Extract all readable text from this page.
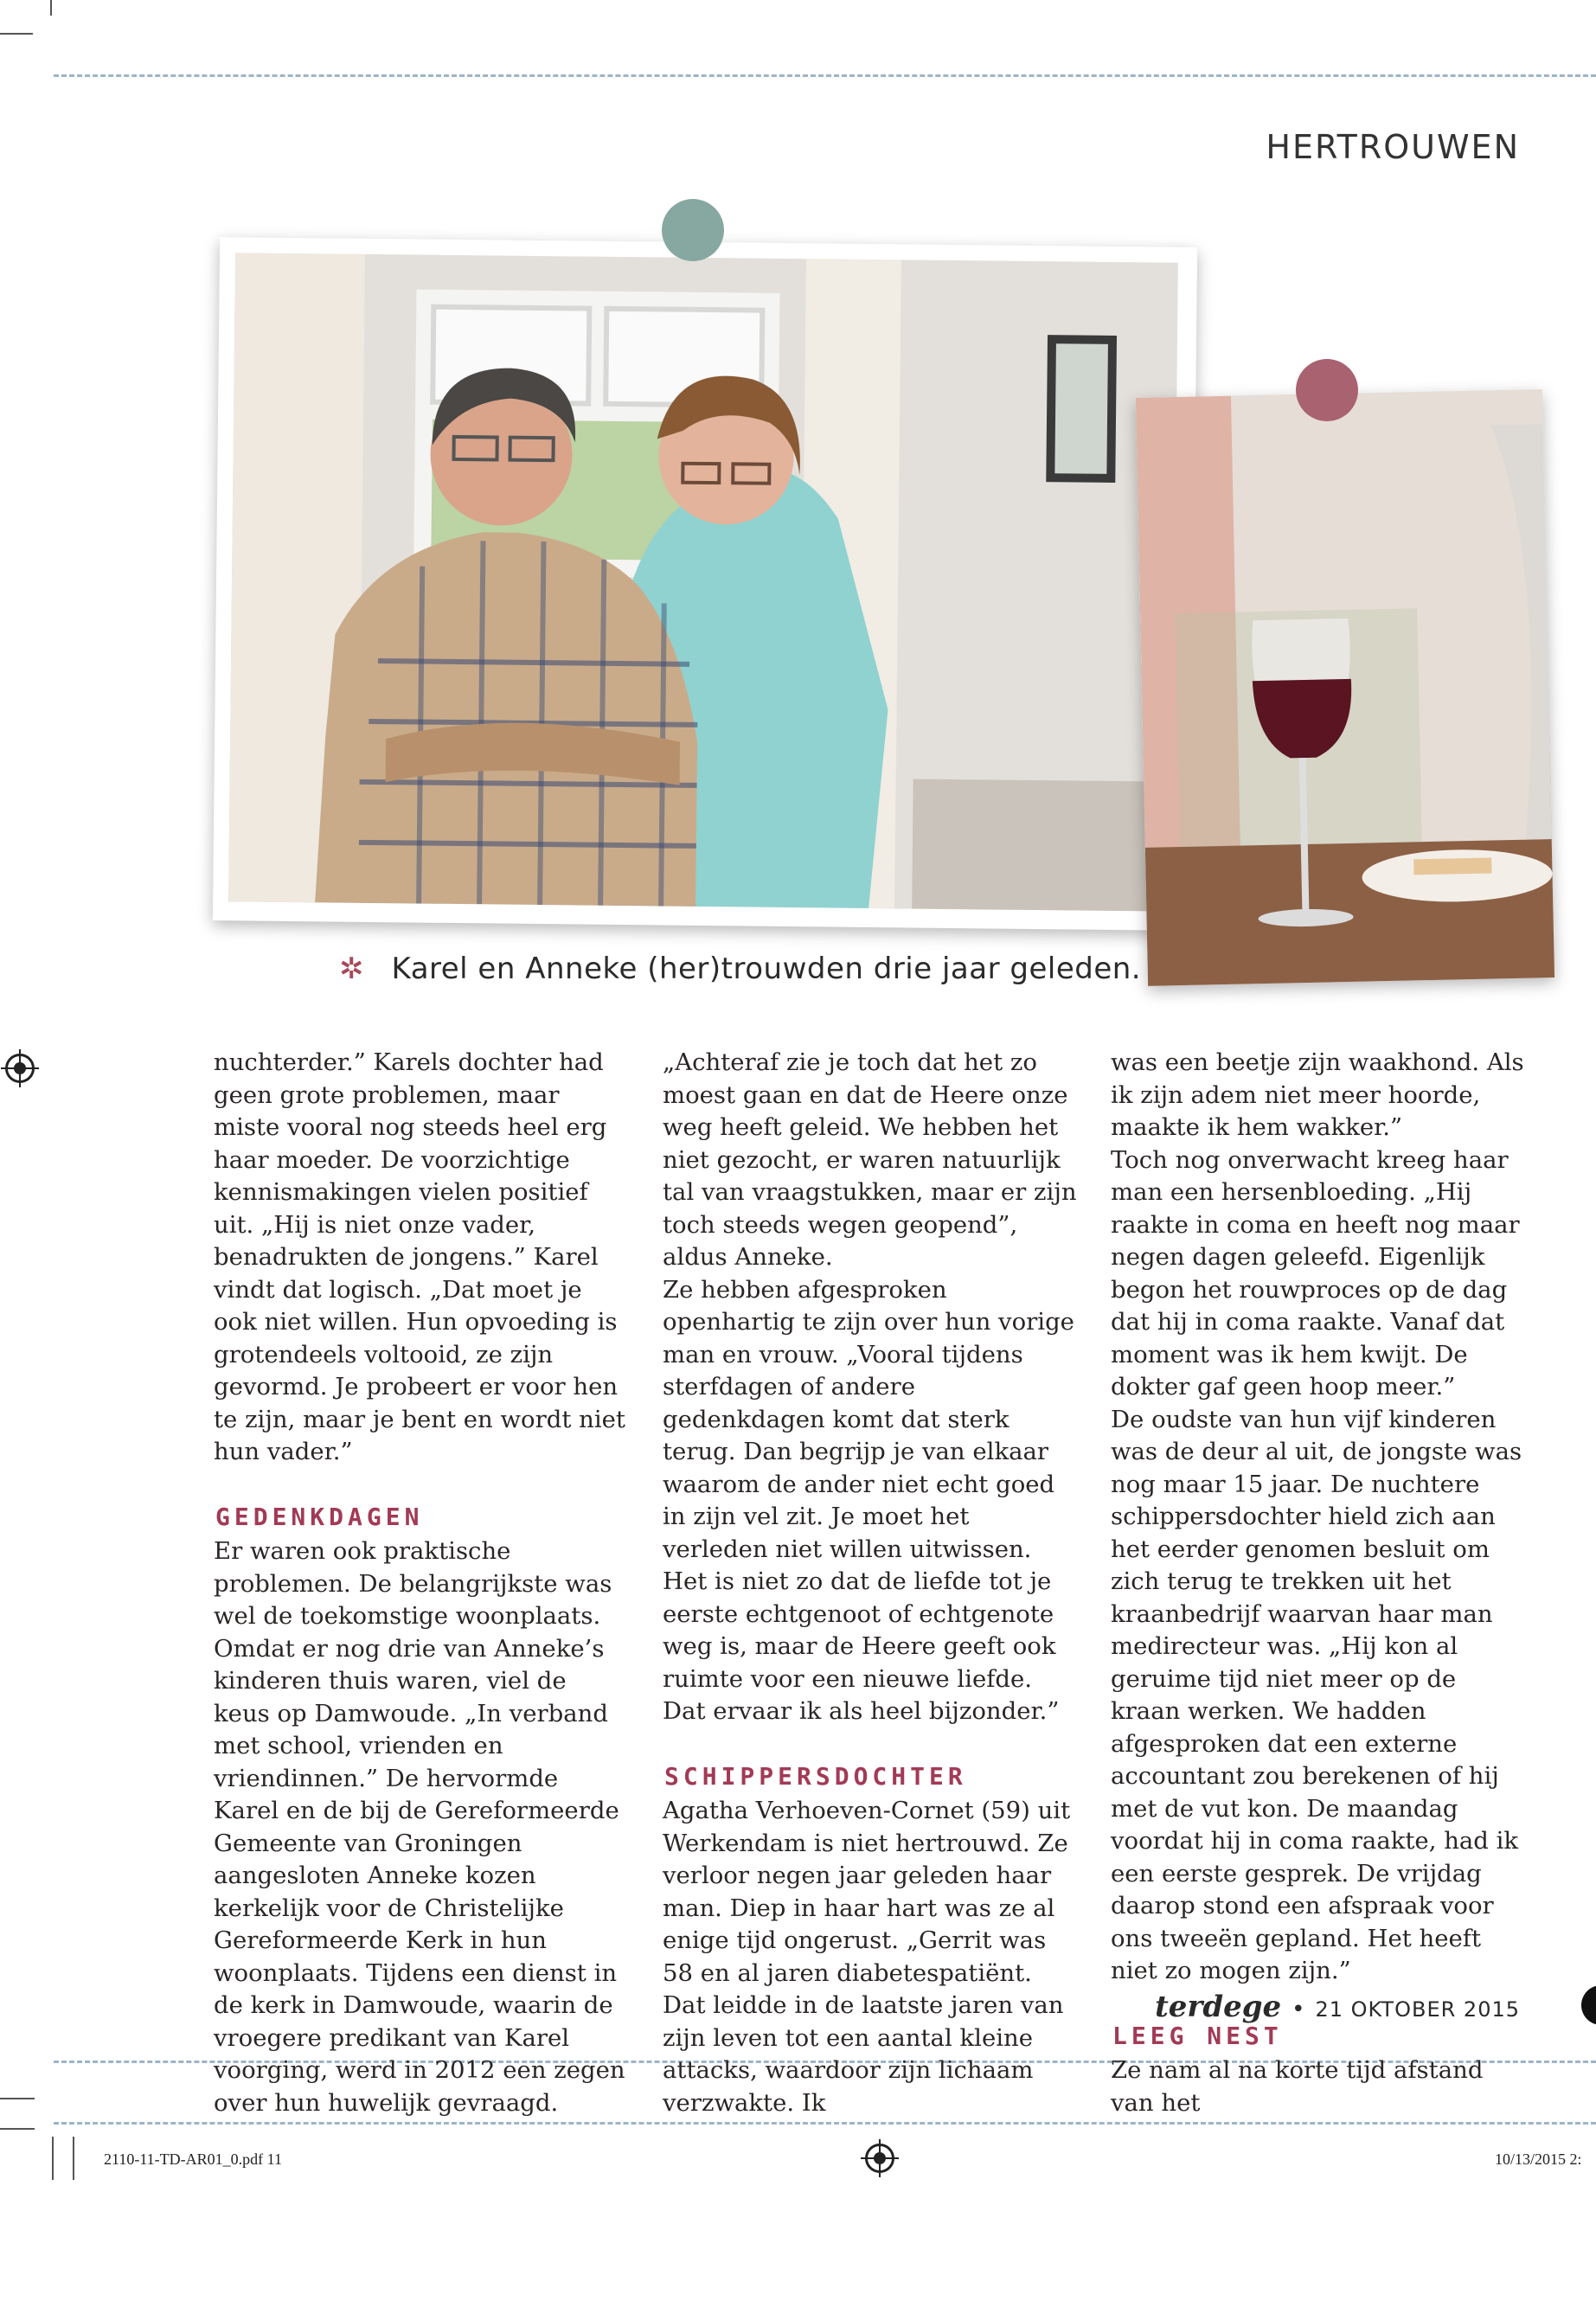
HERTROUWEN
✲ Karel en Anneke (her)trouwden drie jaar geleden.

nuchterder.” Karels dochter had geen grote problemen, maar miste vooral nog steeds heel erg haar moeder. De voorzichtige kennismakingen vielen positief uit. „Hij is niet onze vader, benadrukten de jongens.” Karel vindt dat logisch. „Dat moet je ook niet willen. Hun opvoeding is grotendeels voltooid, ze zijn gevormd. Je probeert er voor hen te zijn, maar je bent en wordt niet hun vader.”

GEDENKDAGEN

Er waren ook praktische problemen. De belangrijkste was wel de toekomstige woonplaats. Omdat er nog drie van Anneke’s kinderen thuis waren, viel de keus op Damwoude. „In verband met school, vrienden en vriendinnen.” De hervormde Karel en de bij de Gereformeerde Gemeente van Groningen aangesloten Anneke kozen kerkelijk voor de Christelijke Gereformeerde Kerk in hun woonplaats. Tijdens een dienst in de kerk in Damwoude, waarin de vroegere predikant van Karel voorging, werd in 2012 een zegen over hun huwelijk gevraagd.

„Achteraf zie je toch dat het zo moest gaan en dat de Heere onze weg heeft geleid. We hebben het niet gezocht, er waren natuurlijk tal van vraagstukken, maar er zijn toch steeds wegen geopend”, aldus Anneke.

Ze hebben afgesproken openhartig te zijn over hun vorige man en vrouw. „Vooral tijdens sterfdagen of andere gedenkdagen komt dat sterk terug. Dan begrijp je van elkaar waarom de ander niet echt goed in zijn vel zit. Je moet het verleden niet willen uitwissen. Het is niet zo dat de liefde tot je eerste echtgenoot of echtgenote weg is, maar de Heere geeft ook ruimte voor een nieuwe liefde. Dat ervaar ik als heel bijzonder.”

SCHIPPERSDOCHTER

Agatha Verhoeven-Cornet (59) uit Werkendam is niet hertrouwd. Ze verloor negen jaar geleden haar man. Diep in haar hart was ze al enige tijd ongerust. „Gerrit was 58 en al jaren diabetespatiënt. Dat leidde in de laatste jaren van zijn leven tot een aantal kleine attacks, waardoor zijn lichaam verzwakte. Ik

was een beetje zijn waakhond. Als ik zijn adem niet meer hoorde, maakte ik hem wakker.”

Toch nog onverwacht kreeg haar man een hersenbloeding. „Hij raakte in coma en heeft nog maar negen dagen geleefd. Eigenlijk begon het rouwproces op de dag dat hij in coma raakte. Vanaf dat moment was ik hem kwijt. De dokter gaf geen hoop meer.”

De oudste van hun vijf kinderen was de deur al uit, de jongste was nog maar 15 jaar. De nuchtere schippersdochter hield zich aan het eerder genomen besluit om zich terug te trekken uit het kraanbedrijf waarvan haar man medirecteur was. „Hij kon al geruime tijd niet meer op de kraan werken. We hadden afgesproken dat een externe accountant zou berekenen of hij met de vut kon. De maandag voordat hij in coma raakte, had ik een eerste gesprek. De vrijdag daarop stond een afspraak voor ons tweeën gepland. Het heeft niet zo mogen zijn.”

LEEG NEST

Ze nam al na korte tijd afstand van het

terdege • 21 OKTOBER 2015
2110-11-TD-AR01_0.pdf 11	10/13/2015 2:
